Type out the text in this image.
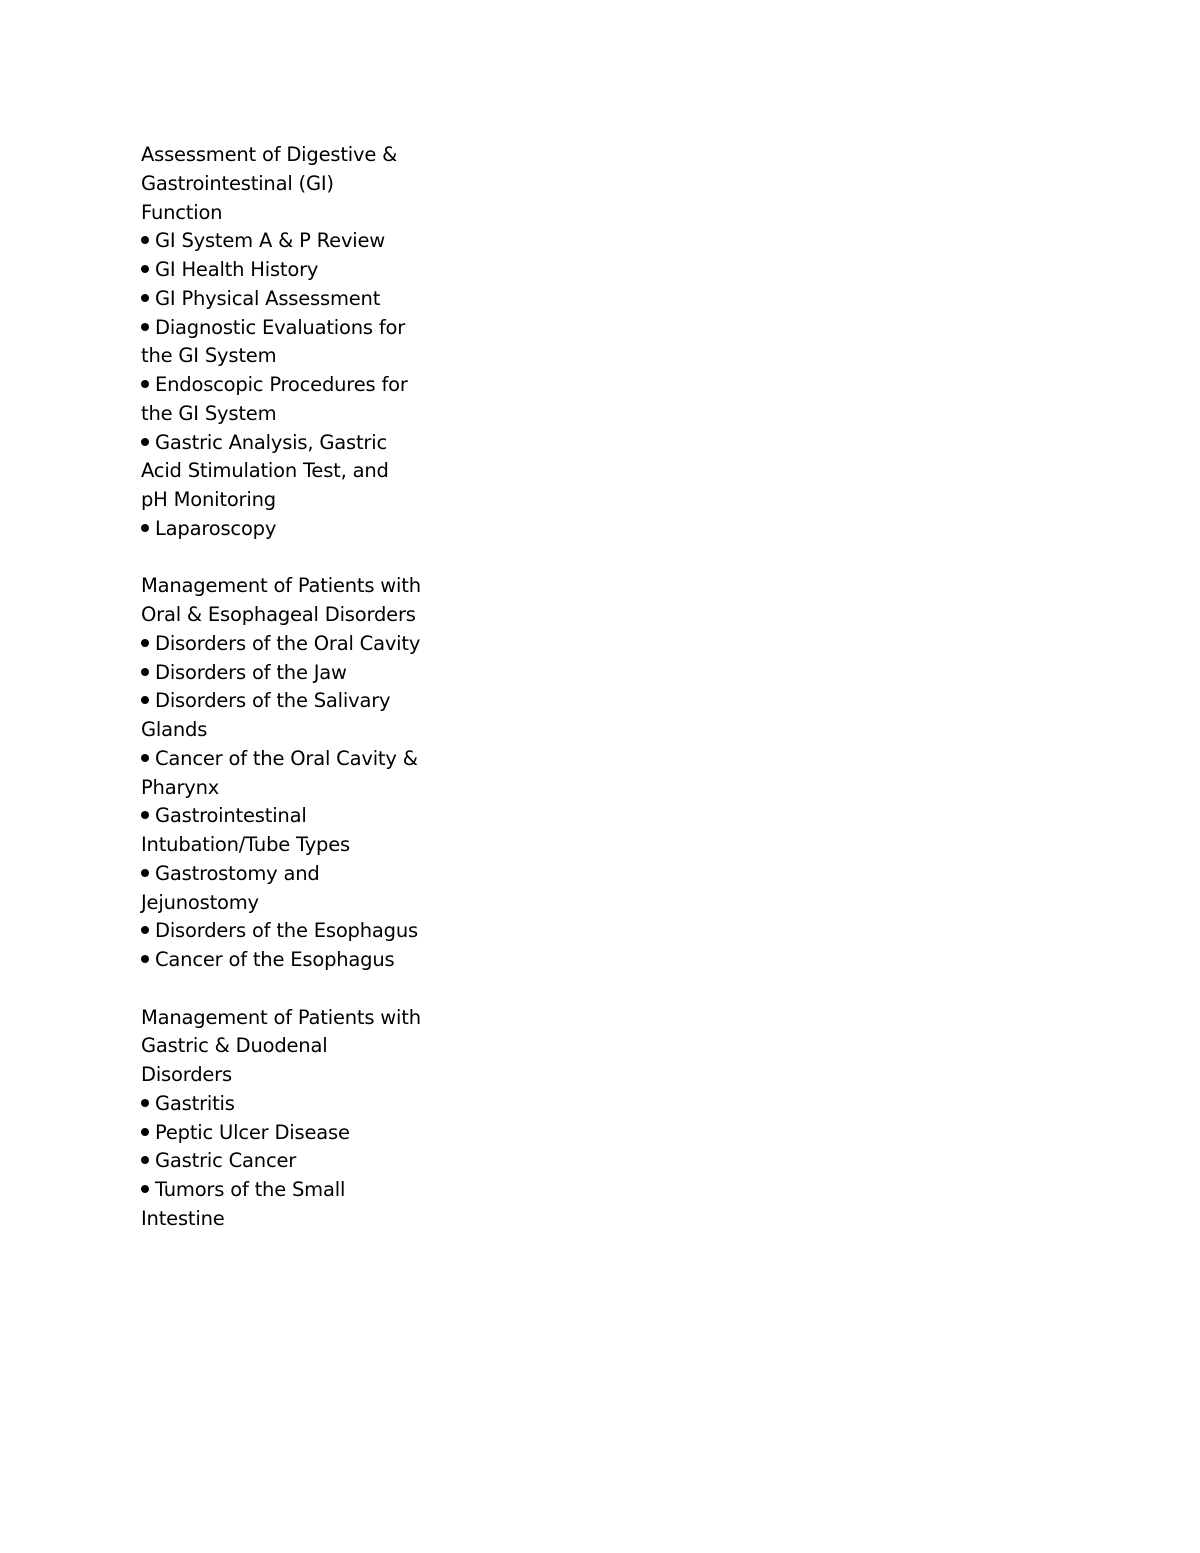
Assessment of Digestive & Gastrointestinal (GI) Function
GI System A & P Review
GI Health History
GI Physical Assessment
Diagnostic Evaluations for the GI System
Endoscopic Procedures for the GI System
Gastric Analysis, Gastric Acid Stimulation Test, and pH Monitoring
Laparoscopy
Management of Patients with Oral & Esophageal Disorders
Disorders of the Oral Cavity
Disorders of the Jaw
Disorders of the Salivary Glands
Cancer of the Oral Cavity & Pharynx
Gastrointestinal Intubation/Tube Types
Gastrostomy and Jejunostomy
Disorders of the Esophagus
Cancer of the Esophagus
Management of Patients with Gastric & Duodenal Disorders
Gastritis
Peptic Ulcer Disease
Gastric Cancer
Tumors of the Small Intestine
